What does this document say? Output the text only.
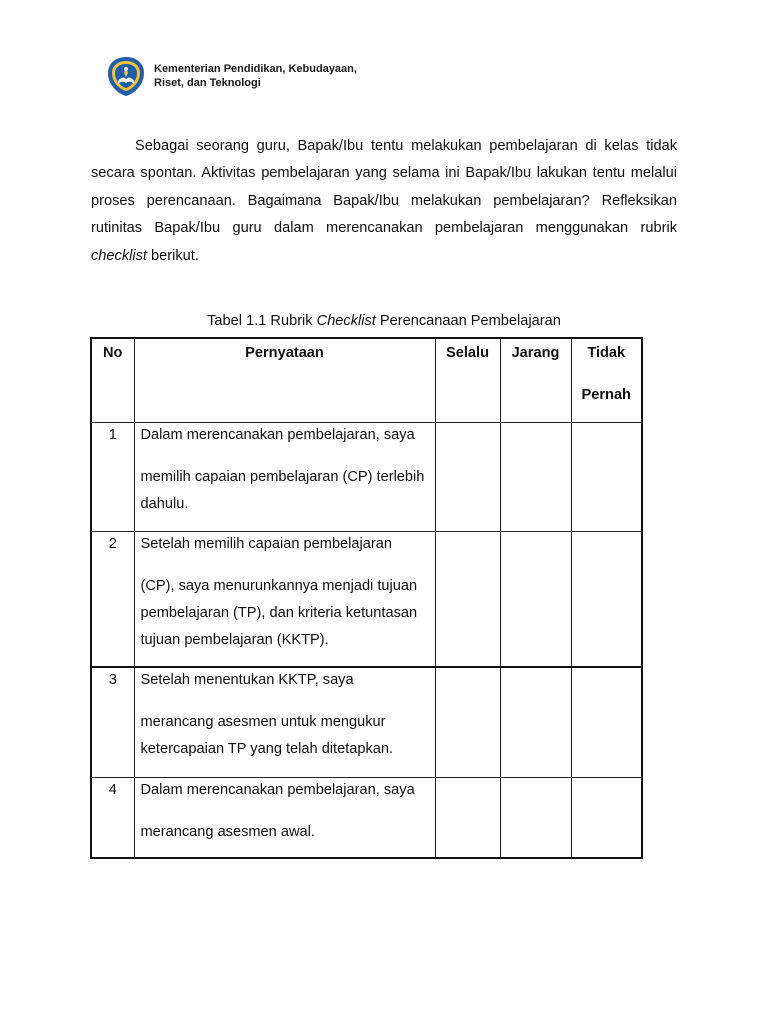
Kementerian Pendidikan, Kebudayaan,
Riset, dan Teknologi

Sebagai seorang guru, Bapak/Ibu tentu melakukan pembelajaran di kelas tidak secara spontan. Aktivitas pembelajaran yang selama ini Bapak/Ibu lakukan tentu melalui proses perencanaan. Bagaimana Bapak/Ibu melakukan pembelajaran? Refleksikan rutinitas Bapak/Ibu guru dalam merencanakan pembelajaran menggunakan rubrik checklist berikut.

Tabel 1.1 Rubrik Checklist Perencanaan Pembelajaran
No	Pernyataan	Selalu	Jarang	Tidak
Pernah

1	Dalam merencanakan pembelajaran, saya
memilih capaian pembelajaran (CP) terlebih dahulu.			

2	Setelah memilih capaian pembelajaran
(CP), saya menurunkannya menjadi tujuan pembelajaran (TP), dan kriteria ketuntasan tujuan pembelajaran (KKTP).			

3	Setelah menentukan KKTP, saya
merancang asesmen untuk mengukur ketercapaian TP yang telah ditetapkan.			

4	Dalam merencanakan pembelajaran, saya
merancang asesmen awal.			
